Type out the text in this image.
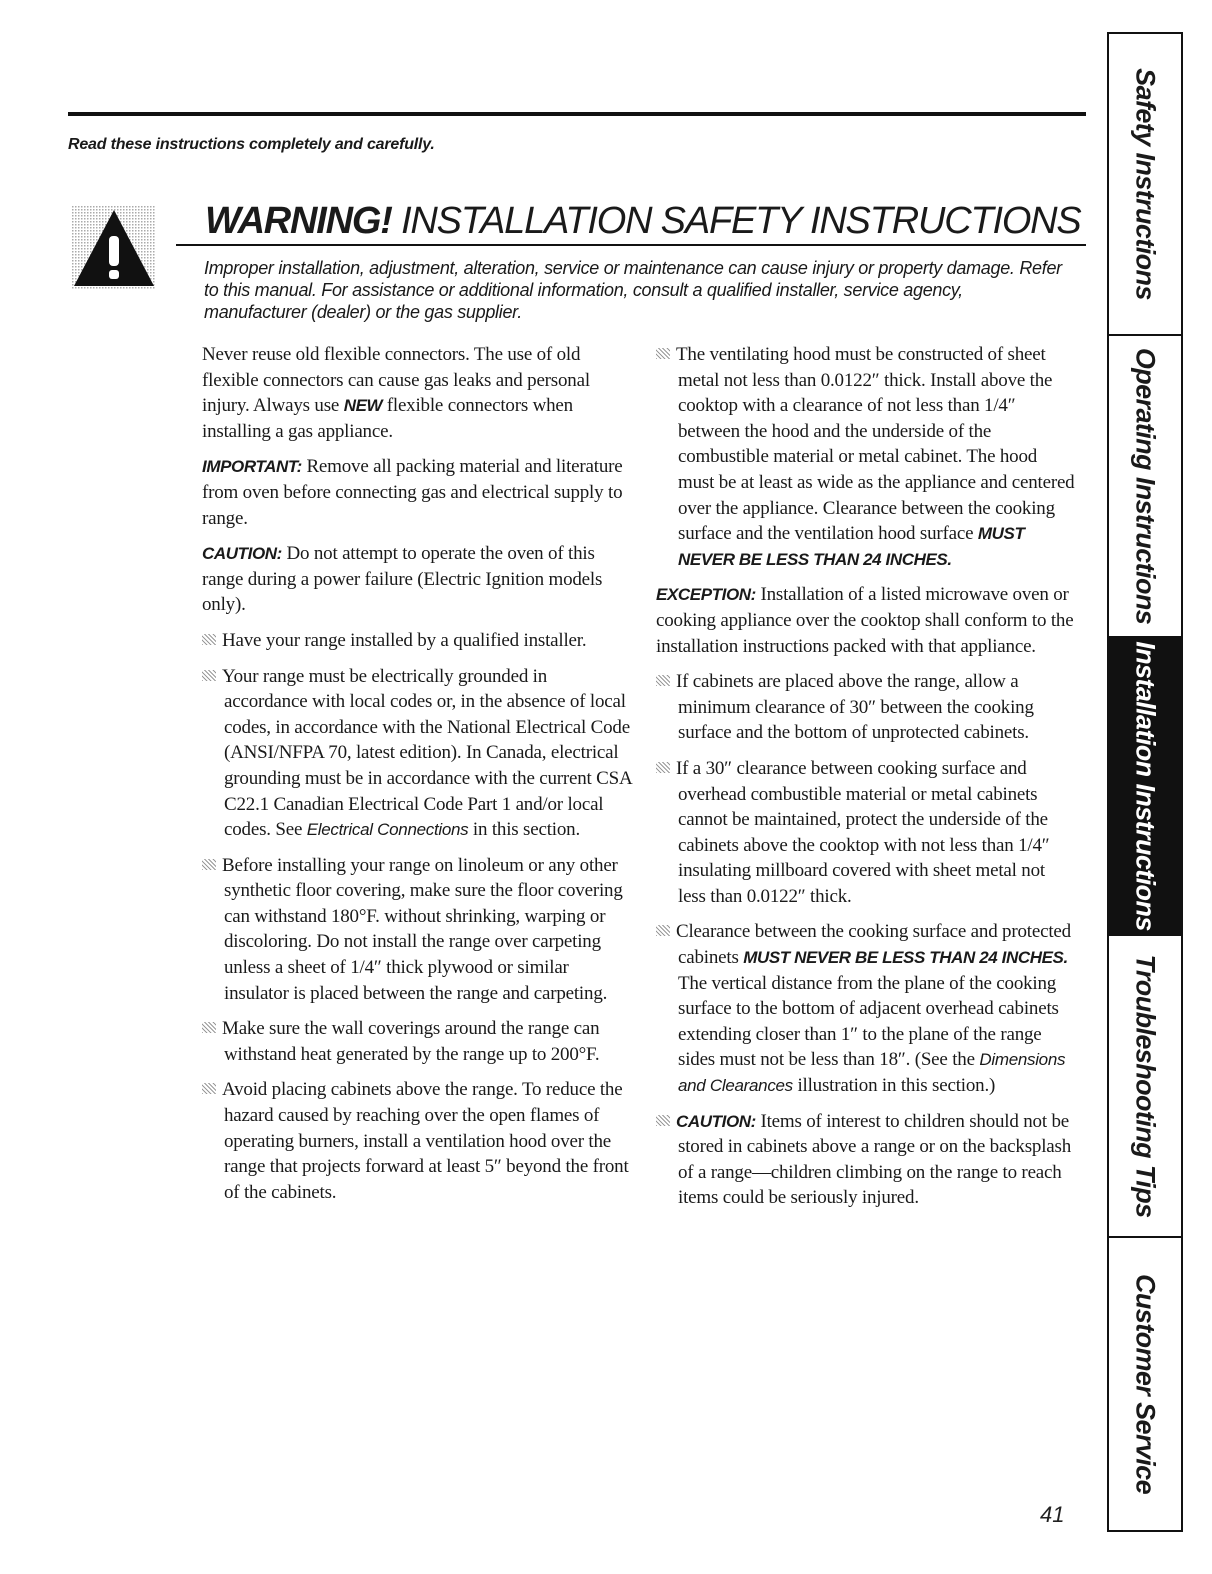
Read these instructions completely and carefully.
WARNING! INSTALLATION SAFETY INSTRUCTIONS
Improper installation, adjustment, alteration, service or maintenance can cause injury or property damage. Refer to this manual. For assistance or additional information, consult a qualified installer, service agency, manufacturer (dealer) or the gas supplier.

Never reuse old flexible connectors. The use of old flexible connectors can cause gas leaks and personal injury. Always use NEW flexible connectors when installing a gas appliance.

IMPORTANT: Remove all packing material and literature from oven before connecting gas and electrical supply to range.

CAUTION: Do not attempt to operate the oven of this range during a power failure (Electric Ignition models only).

Have your range installed by a qualified installer.

Your range must be electrically grounded in accordance with local codes or, in the absence of local codes, in accordance with the National Electrical Code (ANSI/NFPA 70, latest edition). In Canada, electrical grounding must be in accordance with the current CSA C22.1 Canadian Electrical Code Part 1 and/or local codes. See Electrical Connections in this section.

Before installing your range on linoleum or any other synthetic floor covering, make sure the floor covering can withstand 180°F. without shrinking, warping or discoloring. Do not install the range over carpeting unless a sheet of 1/4″ thick plywood or similar insulator is placed between the range and carpeting.

Make sure the wall coverings around the range can withstand heat generated by the range up to 200°F.

Avoid placing cabinets above the range. To reduce the hazard caused by reaching over the open flames of operating burners, install a ventilation hood over the range that projects forward at least 5″ beyond the front of the cabinets.

The ventilating hood must be constructed of sheet metal not less than 0.0122″ thick. Install above the cooktop with a clearance of not less than 1/4″ between the hood and the underside of the combustible material or metal cabinet. The hood must be at least as wide as the appliance and centered over the appliance. Clearance between the cooking surface and the ventilation hood surface MUST NEVER BE LESS THAN 24 INCHES.

EXCEPTION: Installation of a listed microwave oven or cooking appliance over the cooktop shall conform to the installation instructions packed with that appliance.

If cabinets are placed above the range, allow a minimum clearance of 30″ between the cooking surface and the bottom of unprotected cabinets.

If a 30″ clearance between cooking surface and overhead combustible material or metal cabinets cannot be maintained, protect the underside of the cabinets above the cooktop with not less than 1/4″ insulating millboard covered with sheet metal not less than 0.0122″ thick.

Clearance between the cooking surface and protected cabinets MUST NEVER BE LESS THAN 24 INCHES. The vertical distance from the plane of the cooking surface to the bottom of adjacent overhead cabinets extending closer than 1″ to the plane of the range sides must not be less than 18″. (See the Dimensions and Clearances illustration in this section.)

CAUTION: Items of interest to children should not be stored in cabinets above a range or on the backsplash of a range—children climbing on the range to reach items could be seriously injured.

Safety Instructions
Operating Instructions
Installation Instructions
Troubleshooting Tips
Customer Service
41
